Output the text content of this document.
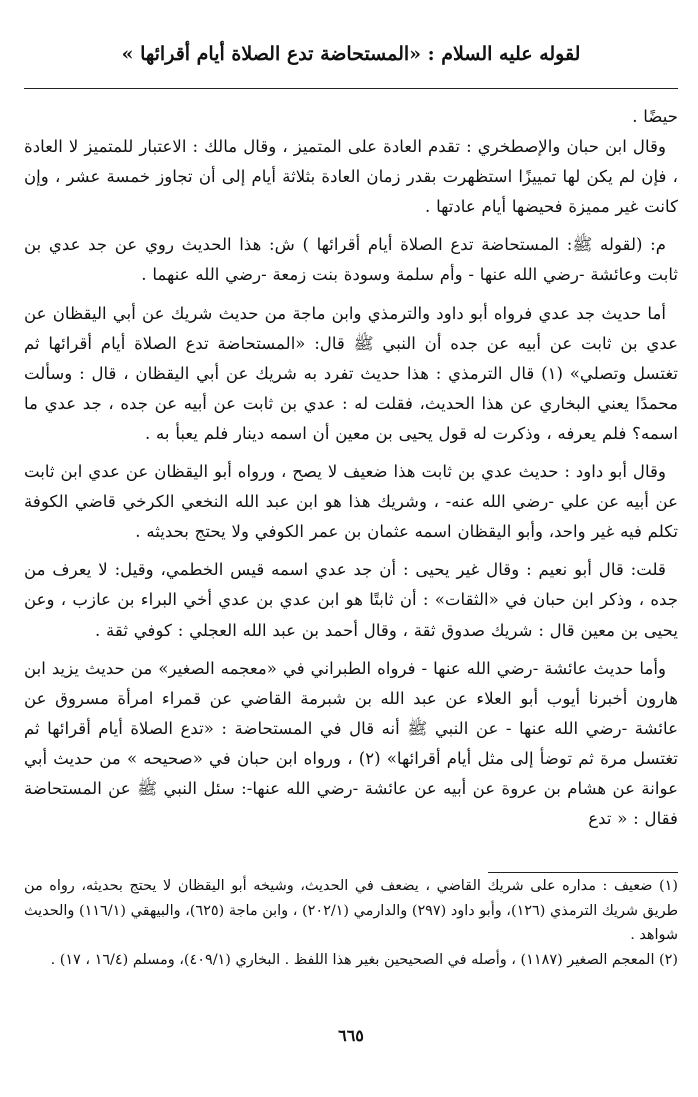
لقوله عليه السلام : «المستحاضة تدع الصلاة أيام أقرائها »

حيضًا .

وقال ابن حبان والإصطخري : تقدم العادة على المتميز ، وقال مالك : الاعتبار للمتميز لا العادة ، فإن لم يكن لها تمييزًا استظهرت بقدر زمان العادة بثلاثة أيام إلى أن تجاوز خمسة عشر ، وإن كانت غير مميزة فحيضها أيام عادتها .

م: (لقوله ﷺ: المستحاضة تدع الصلاة أيام أقرائها ) ش: هذا الحديث روي عن جد عدي بن ثابت وعائشة -رضي الله عنها - وأم سلمة وسودة بنت زمعة -رضي الله عنهما .

أما حديث جد عدي فرواه أبو داود والترمذي وابن ماجة من حديث شريك عن أبي اليقظان عن عدي بن ثابت عن أبيه عن جده أن النبي ﷺ قال: «المستحاضة تدع الصلاة أيام أقرائها ثم تغتسل وتصلي» (١) قال الترمذي : هذا حديث تفرد به شريك عن أبي اليقظان ، قال : وسألت محمدًا يعني البخاري عن هذا الحديث، فقلت له : عدي بن ثابت عن أبيه عن جده ، جد عدي ما اسمه؟ فلم يعرفه ، وذكرت له قول يحيى بن معين أن اسمه دينار فلم يعبأ به .

وقال أبو داود : حديث عدي بن ثابت هذا ضعيف لا يصح ، ورواه أبو اليقظان عن عدي ابن ثابت عن أبيه عن علي -رضي الله عنه- ، وشريك هذا هو ابن عبد الله النخعي الكرخي قاضي الكوفة تكلم فيه غير واحد، وأبو اليقظان اسمه عثمان بن عمر الكوفي ولا يحتج بحديثه .

قلت: قال أبو نعيم : وقال غير يحيى : أن جد عدي اسمه قيس الخطمي، وقيل: لا يعرف من جده ، وذكر ابن حبان في «الثقات» : أن ثابتًا هو ابن عدي بن عدي أخي البراء بن عازب ، وعن يحيى بن معين قال : شريك صدوق ثقة ، وقال أحمد بن عبد الله العجلي : كوفي ثقة .

وأما حديث عائشة -رضي الله عنها - فرواه الطبراني في «معجمه الصغير» من حديث يزيد ابن هارون أخبرنا أيوب أبو العلاء عن عبد الله بن شبرمة القاضي عن قمراء امرأة مسروق عن عائشة -رضي الله عنها - عن النبي ﷺ أنه قال في المستحاضة : «تدع الصلاة أيام أقرائها ثم تغتسل مرة ثم توضأ إلى مثل أيام أقرائها» (٢) ، ورواه ابن حبان في «صحيحه » من حديث أبي عوانة عن هشام بن عروة عن أبيه عن عائشة -رضي الله عنها-: سئل النبي ﷺ عن المستحاضة فقال : « تدع

(١) ضعيف : مداره على شريك القاضي ، يضعف في الحديث، وشيخه أبو اليقظان لا يحتج بحديثه، رواه من طريق شريك الترمذي (١٢٦)، وأبو داود (٢٩٧) والدارمي (٢٠٢/١) ، وابن ماجة (٦٢٥)، والبيهقي (١١٦/١) والحديث شواهد .

(٢) المعجم الصغير (١١٨٧) ، وأصله في الصحيحين بغير هذا اللفظ . البخاري (٤٠٩/١)، ومسلم (١٦/٤ ، ١٧) .

٦٦٥
